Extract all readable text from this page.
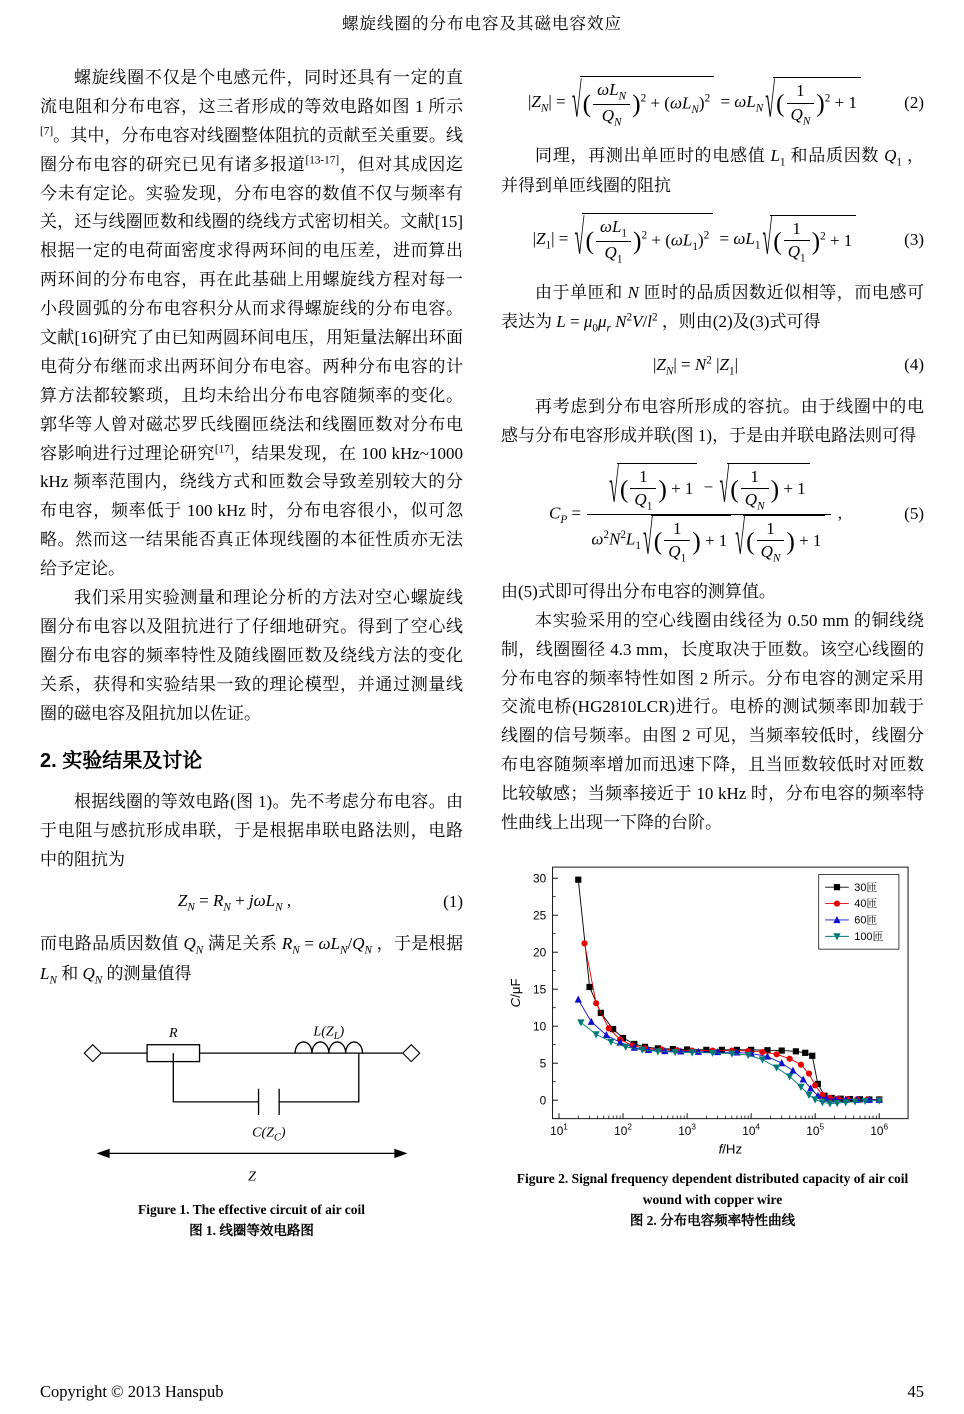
螺旋线圈的分布电容及其磁电容效应

螺旋线圈不仅是个电感元件，同时还具有一定的直流电阻和分布电容，这三者形成的等效电路如图 1 所示[7]。其中，分布电容对线圈整体阻抗的贡献至关重要。线圈分布电容的研究已见有诸多报道[13-17]，但对其成因迄今未有定论。实验发现，分布电容的数值不仅与频率有关，还与线圈匝数和线圈的绕线方式密切相关。文献[15]根据一定的电荷面密度求得两环间的电压差，进而算出两环间的分布电容，再在此基础上用螺旋线方程对每一小段圆弧的分布电容积分从而求得螺旋线的分布电容。文献[16]研究了由已知两圆环间电压，用矩量法解出环面电荷分布继而求出两环间分布电容。两种分布电容的计算方法都较繁琐，且均未给出分布电容随频率的变化。郭华等人曾对磁芯罗氏线圈匝绕法和线圈匝数对分布电容影响进行过理论研究[17]，结果发现，在 100 kHz~1000 kHz 频率范围内，绕线方式和匝数会导致差别较大的分布电容，频率低于 100 kHz 时，分布电容很小，似可忽略。然而这一结果能否真正体现线圈的本征性质亦无法给予定论。

我们采用实验测量和理论分析的方法对空心螺旋线圈分布电容以及阻抗进行了仔细地研究。得到了空心线圈分布电容的频率特性及随线圈匝数及绕线方法的变化关系，获得和实验结果一致的理论模型，并通过测量线圈的磁电容及阻抗加以佐证。

2. 实验结果及讨论

根据线圈的等效电路(图 1)。先不考虑分布电容。由于电阻与感抗形成串联，于是根据串联电路法则，电路中的阻抗为

$Z_N = R_N + j\omega L_N$ ,	(1)

而电路品质因数值 $Q_N$ 满足关系 $R_N = \omega L_N/Q_N$ ，于是根据 $L_N$ 和 $Q_N$ 的测量值得

R	$L(Z_L)$
$C(Z_C)$
Z
Figure 1. The effective circuit of air coil
图 1. 线圈等效电路图
$|Z_N|$ = √ ( $\omega L_N$
$Q_N$
)$^2 + (\omega L_N)^2 = \omega L_N$ √ ( $\frac{1}{Q_N} )^2 + 1$	(2)

同理，再测出单匝时的电感值 $L_1$ 和品质因数 $Q_1$ ，并得到单匝线圈的阻抗

$|Z_1|$ = √ ( $\frac{\omega L_1}{Q_1} )^2 + (\omega L_1)^2 = \omega L_1$ √ ( $\frac{1}{Q_1} )^2 + 1$	(3)

由于单匝和 N 匝时的品质因数近似相等，而电感可表达为 $L = \mu_0\mu_r$ $N^2V/l^2$ ，则由(2)及(3)式可得

$|Z_N| = N^2$ $|Z_1|$	(4)

再考虑到分布电容所形成的容抗。由于线圈中的电感与分布电容形成并联(图 1)，于是由并联电路法则可得

$C_P = \frac{√ ( \frac{1}{Q_1} ) + 1 - √ ( \frac{1}{Q_N} ) + 1}{\omega^2N^2L_1 √ ( \frac{1}{Q_1} ) + 1 √ ( \frac{1}{Q_N} ) + 1}$ ,	(5)

由(5)式即可得出分布电容的测算值。

本实验采用的空心线圈由线径为 0.50 mm 的铜线绕制，线圈圈径 4.3 mm，长度取决于匝数。该空心线圈的分布电容的频率特性如图 2 所示。分布电容的测定采用交流电桥(HG2810LCR)进行。电桥的测试频率即加载于线圈的信号频率。由图 2 可见，当频率较低时，线圈分布电容随频率增加而迅速下降，且当匝数较低时对匝数比较敏感；当频率接近于 10 kHz 时，分布电容的频率特性曲线上出现一下降的台阶。

0
5
10
15
20
25
30
$10^1$	$10^2$	$10^3$	$10^4$	$10^5$	$10^6$
f/Hz
C/μF
30匝
40匝
60匝
100匝
Figure 2. Signal frequency dependent distributed capacity of air coil wound with copper wire
图 2. 分布电容频率特性曲线
Copyright © 2013 Hanspub	45
